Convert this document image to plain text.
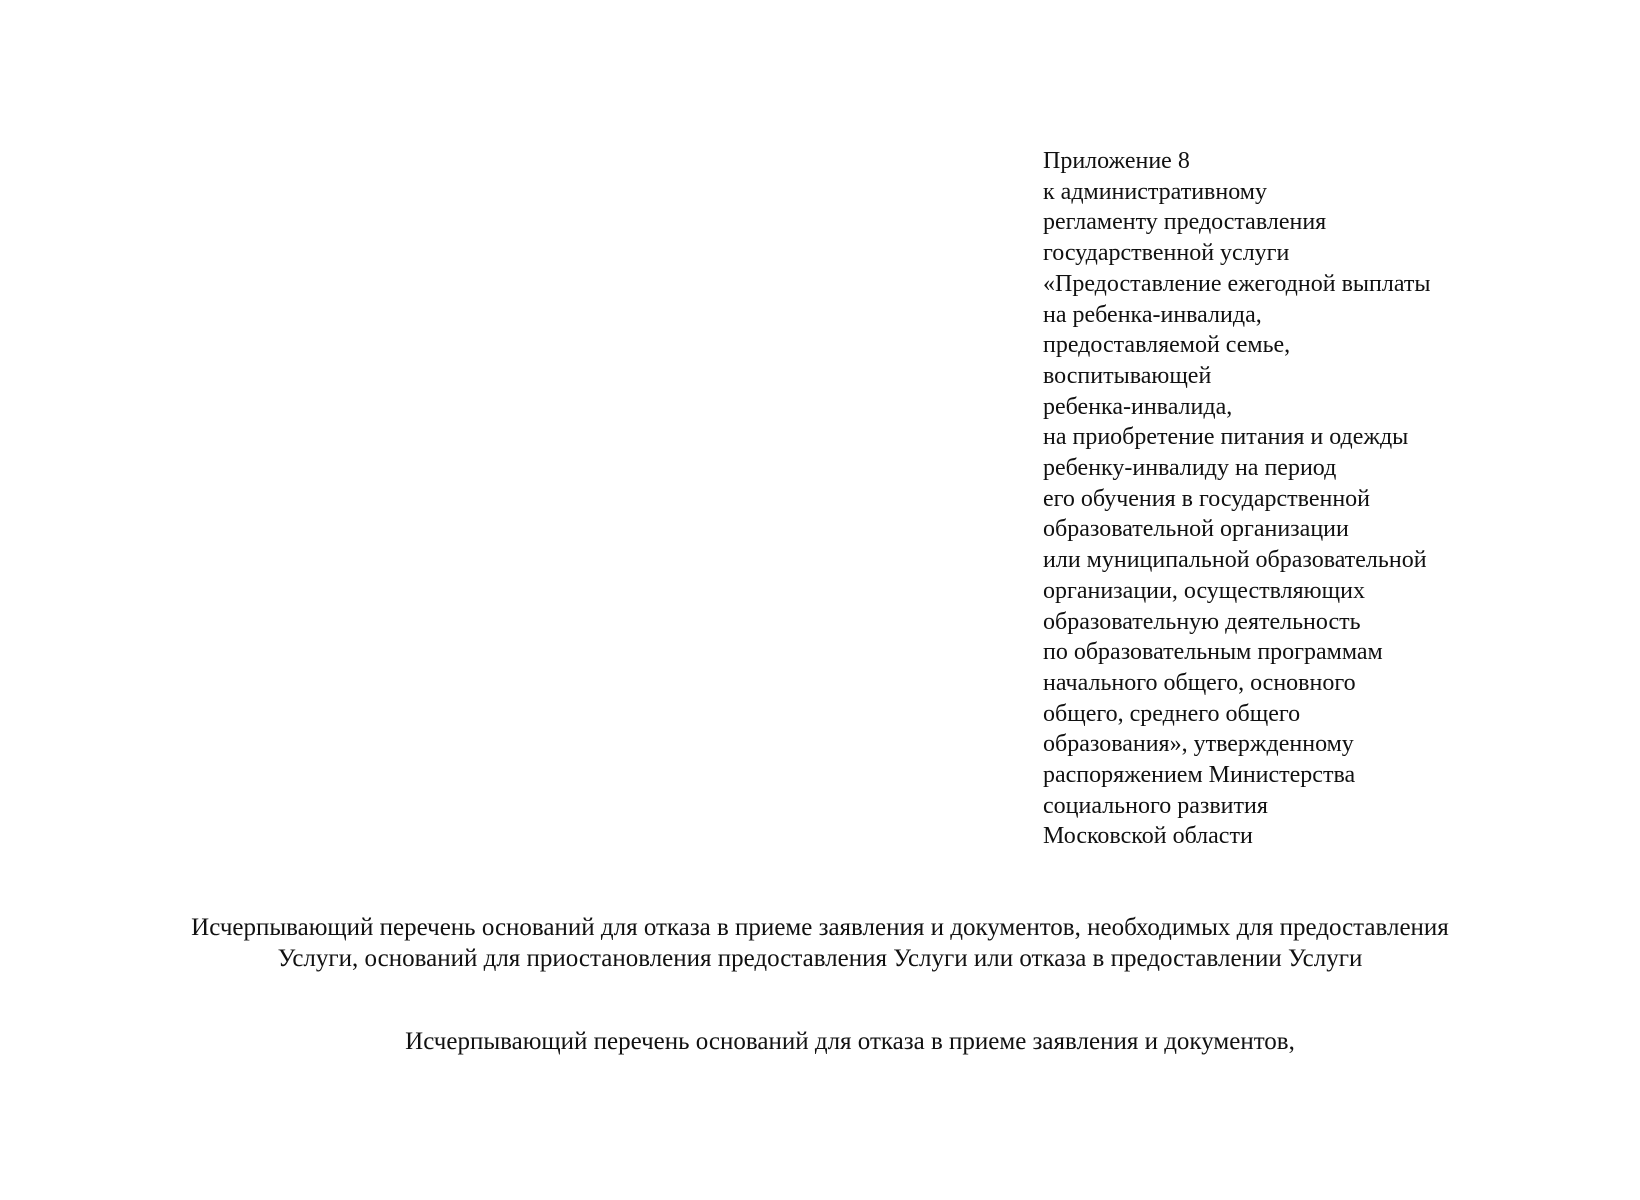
Приложение 8
к административному
регламенту предоставления
государственной услуги
«Предоставление ежегодной выплаты
на ребенка-инвалида,
предоставляемой семье,
воспитывающей
ребенка-инвалида,
на приобретение питания и одежды
ребенку-инвалиду на период
его обучения в государственной
образовательной организации
или муниципальной образовательной
организации, осуществляющих
образовательную деятельность
по образовательным программам
начального общего, основного
общего, среднего общего
образования», утвержденному
распоряжением Министерства
социального развития
Московской области
Исчерпывающий перечень оснований для отказа в приеме заявления и документов, необходимых для предоставления
Услуги, оснований для приостановления предоставления Услуги или отказа в предоставлении Услуги
Исчерпывающий перечень оснований для отказа в приеме заявления и документов,
